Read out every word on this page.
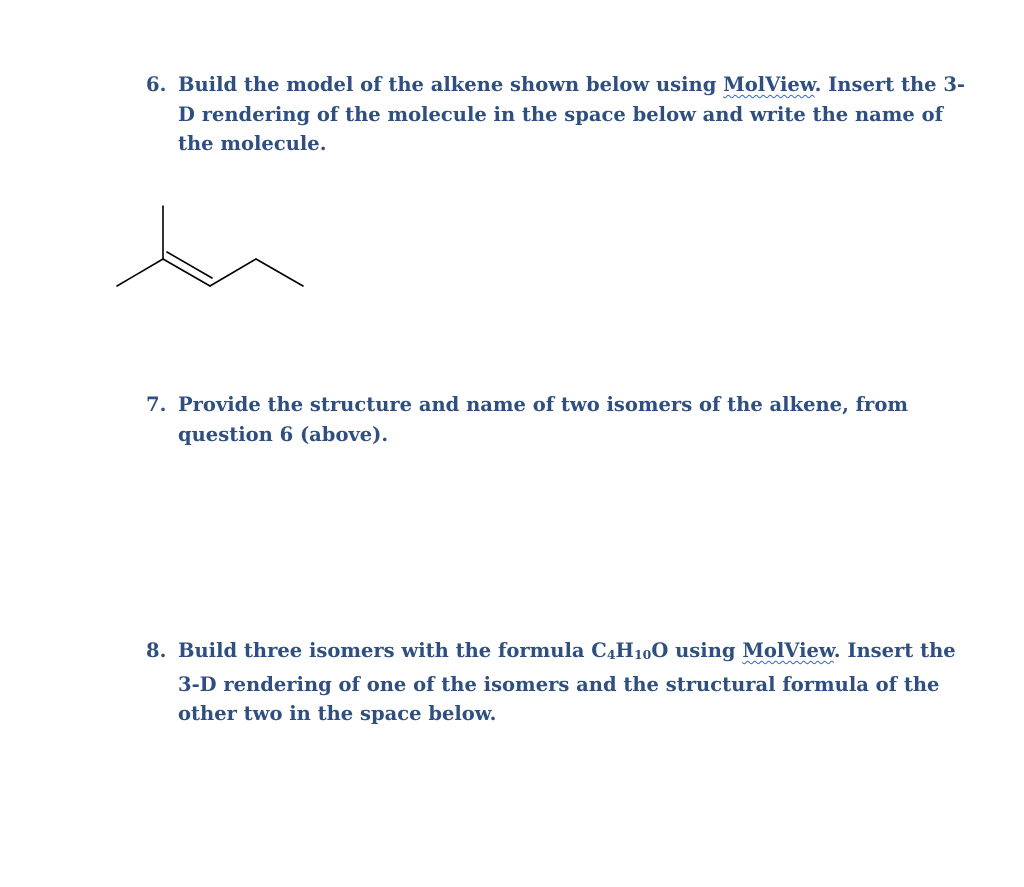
6. Build the model of the alkene shown below using MolView. Insert the 3-D rendering of the molecule in the space below and write the name of the molecule.
7. Provide the structure and name of two isomers of the alkene, from question 6 (above).
8. Build three isomers with the formula C4H10O using MolView. Insert the 3-D rendering of one of the isomers and the structural formula of the other two in the space below.
